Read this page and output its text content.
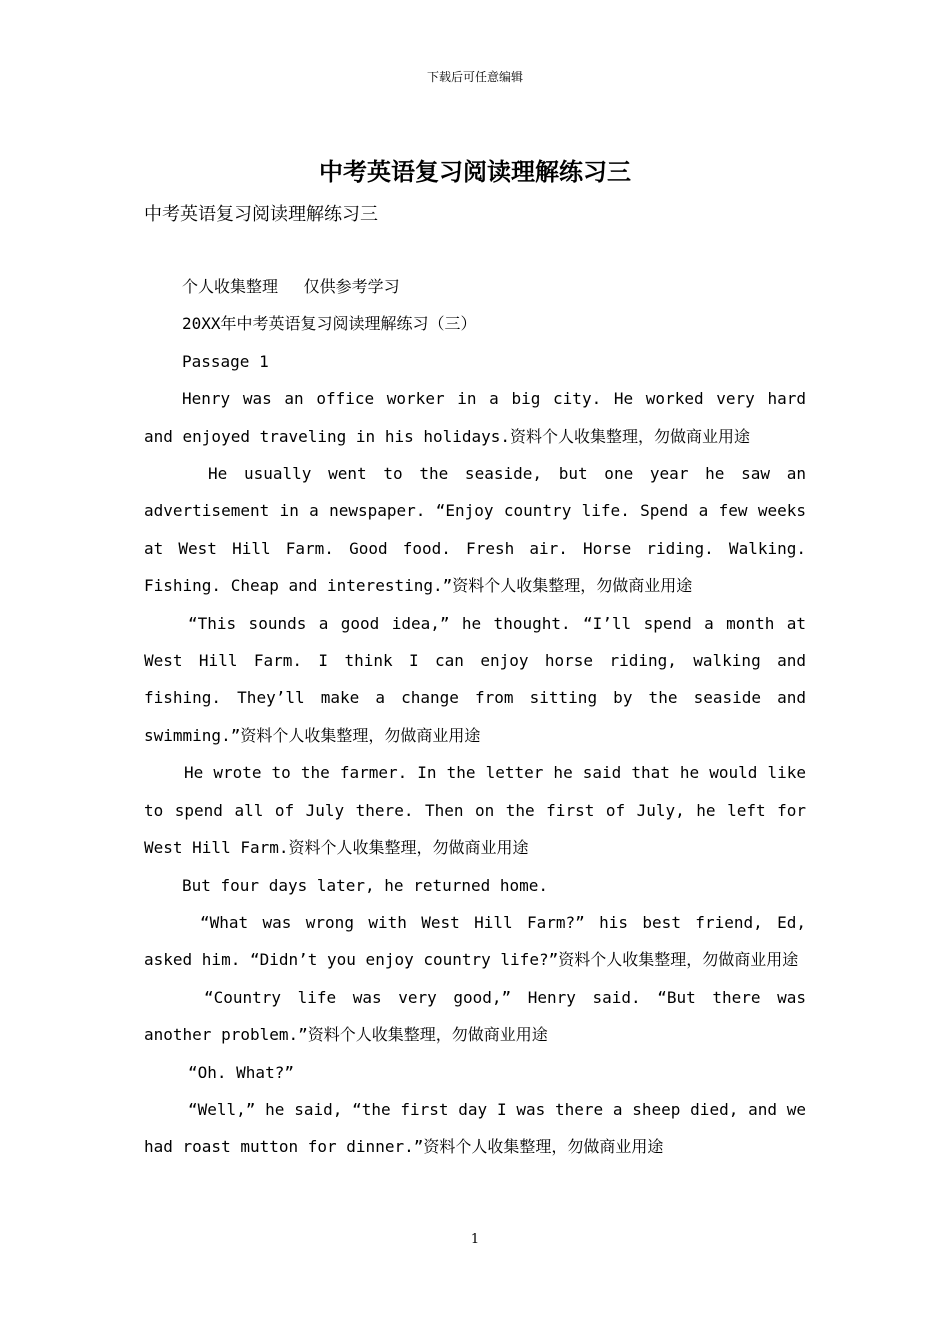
下载后可任意编辑
中考英语复习阅读理解练习三
中考英语复习阅读理解练习三

个人收集整理　 仅供参考学习

20XX年中考英语复习阅读理解练习（三）

Passage 1

Henry was an office worker in a big city. He worked very hard and enjoyed traveling in his holidays.资料个人收集整理，勿做商业用途

He usually went to the seaside, but one year he saw an advertisement in a newspaper. “Enjoy country life. Spend a few weeks at West Hill Farm. Good food. Fresh air. Horse riding. Walking. Fishing. Cheap and interesting.”资料个人收集整理，勿做商业用途

“This sounds a good idea,” he thought. “I’ll spend a month at West Hill Farm. I think I can enjoy horse riding, walking and fishing. They’ll make a change from sitting by the seaside and swimming.”资料个人收集整理，勿做商业用途

He wrote to the farmer. In the letter he said that he would like to spend all of July there. Then on the first of July, he left for West Hill Farm.资料个人收集整理，勿做商业用途

But four days later, he returned home.

“What was wrong with West Hill Farm?” his best friend, Ed, asked him. “Didn’t you enjoy country life?”资料个人收集整理，勿做商业用途

“Country life was very good,” Henry said. “But there was another problem.”资料个人收集整理，勿做商业用途

“Oh. What?”

“Well,” he said, “the first day I was there a sheep died, and we had roast mutton for dinner.”资料个人收集整理，勿做商业用途

1
